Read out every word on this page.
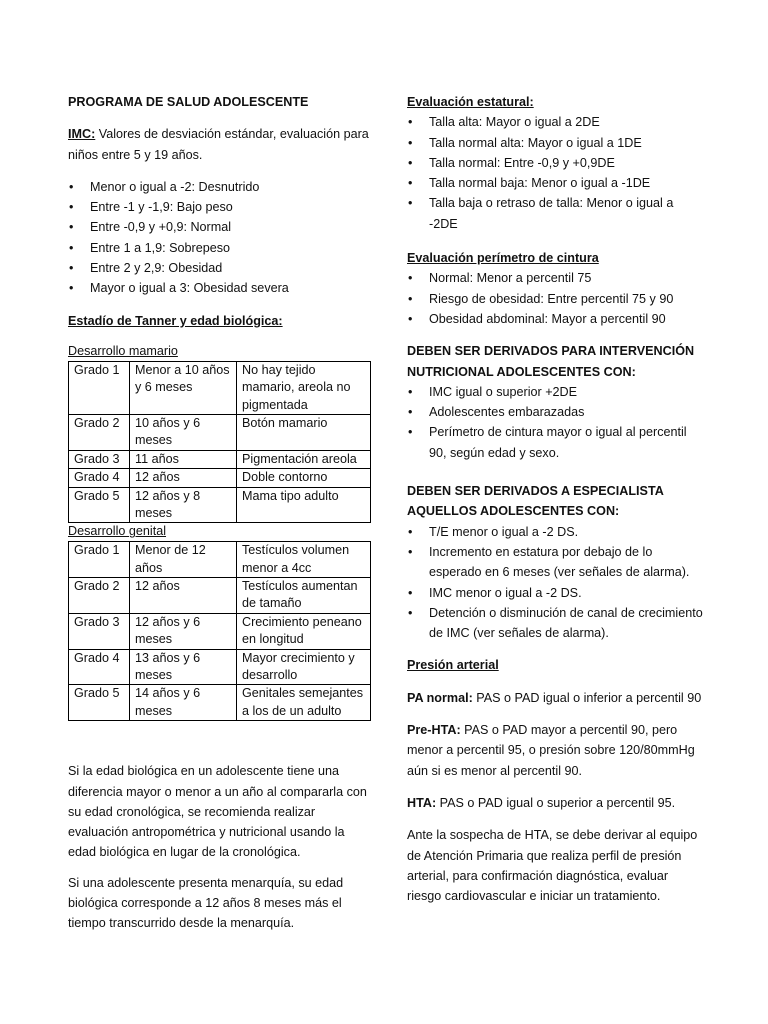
PROGRAMA DE SALUD ADOLESCENTE

IMC: Valores de desviación estándar, evaluación para niños entre 5 y 19 años.

• Menor o igual a -2: Desnutrido
• Entre -1 y -1,9: Bajo peso
• Entre -0,9 y +0,9: Normal
• Entre 1 a 1,9: Sobrepeso
• Entre 2 y 2,9: Obesidad
• Mayor o igual a 3: Obesidad severa

Estadío de Tanner y edad biológica:

Desarrollo mamario

Grado 1	Menor a 10 años y 6 meses	No hay tejido mamario, areola no pigmentada
Grado 2	10 años y 6 meses	Botón mamario
Grado 3	11 años	Pigmentación areola
Grado 4	12 años	Doble contorno
Grado 5	12 años y 8 meses	Mama tipo adulto

Desarrollo genital

Grado 1	Menor de 12 años	Testículos volumen menor a 4cc
Grado 2	12 años	Testículos aumentan de tamaño
Grado 3	12 años y 6 meses	Crecimiento peneano en longitud
Grado 4	13 años y 6 meses	Mayor crecimiento y desarrollo
Grado 5	14 años y 6 meses	Genitales semejantes a los de un adulto

Si la edad biológica en un adolescente tiene una diferencia mayor o menor a un año al compararla con su edad cronológica, se recomienda realizar evaluación antropométrica y nutricional usando la edad biológica en lugar de la cronológica.

Si una adolescente presenta menarquía, su edad biológica corresponde a 12 años 8 meses más el tiempo transcurrido desde la menarquía.

Evaluación estatural:

• Talla alta: Mayor o igual a 2DE
• Talla normal alta: Mayor o igual a 1DE
• Talla normal: Entre -0,9 y +0,9DE
• Talla normal baja: Menor o igual a -1DE
• Talla baja o retraso de talla: Menor o igual a -2DE

Evaluación perímetro de cintura

• Normal: Menor a percentil 75
• Riesgo de obesidad: Entre percentil 75 y 90
• Obesidad abdominal: Mayor a percentil 90

DEBEN SER DERIVADOS PARA INTERVENCIÓN NUTRICIONAL ADOLESCENTES CON:

• IMC igual o superior +2DE
• Adolescentes embarazadas
• Perímetro de cintura mayor o igual al percentil 90, según edad y sexo.

DEBEN SER DERIVADOS A ESPECIALISTA AQUELLOS ADOLESCENTES CON:

• T/E menor o igual a -2 DS.
• Incremento en estatura por debajo de lo esperado en 6 meses (ver señales de alarma).
• IMC menor o igual a -2 DS.
• Detención o disminución de canal de crecimiento de IMC (ver señales de alarma).

Presión arterial

PA normal: PAS o PAD igual o inferior a percentil 90

Pre-HTA: PAS o PAD mayor a percentil 90, pero menor a percentil 95, o presión sobre 120/80mmHg aún si es menor al percentil 90.

HTA: PAS o PAD igual o superior a percentil 95.

Ante la sospecha de HTA, se debe derivar al equipo de Atención Primaria que realiza perfil de presión arterial, para confirmación diagnóstica, evaluar riesgo cardiovascular e iniciar un tratamiento.
